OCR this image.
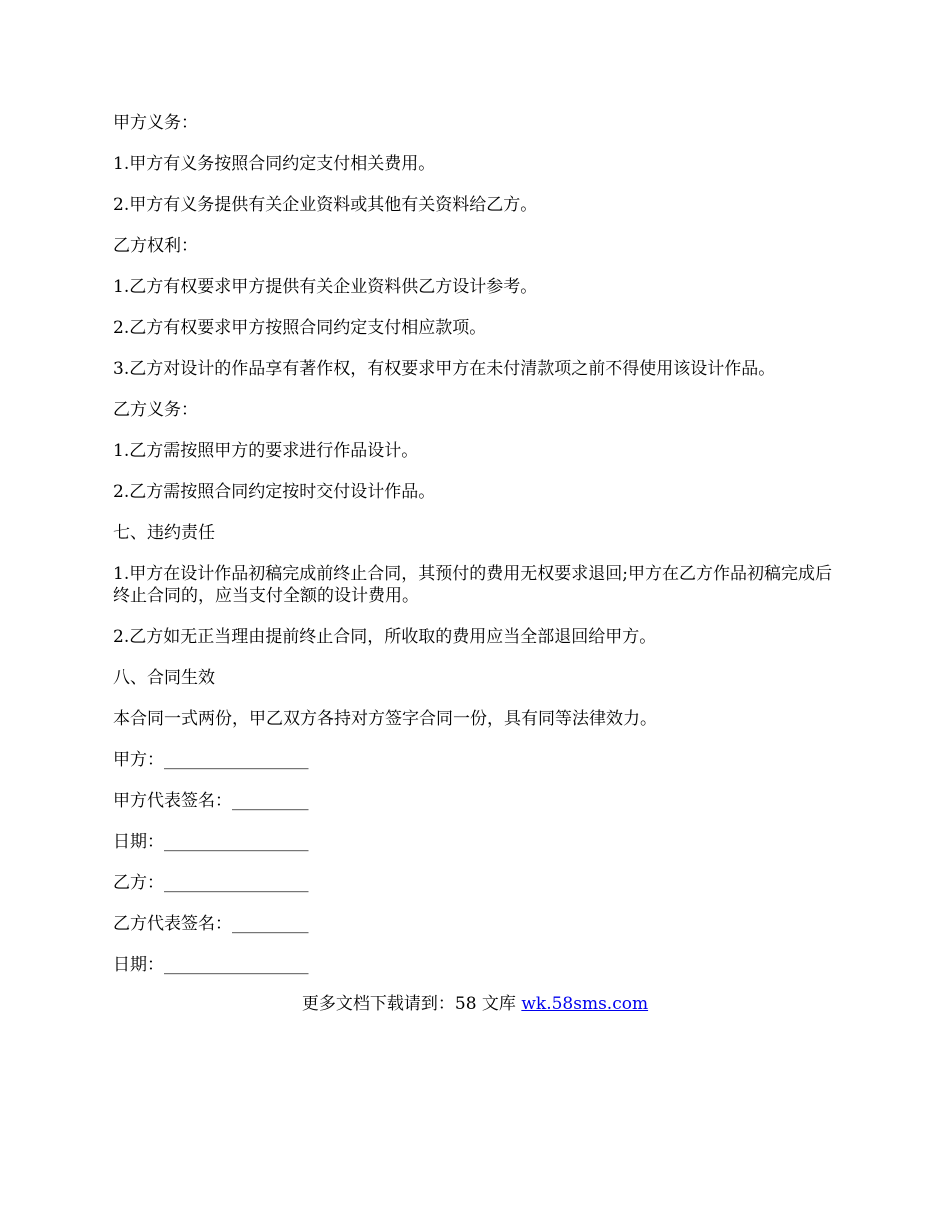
甲方义务：

1.甲方有义务按照合同约定支付相关费用。

2.甲方有义务提供有关企业资料或其他有关资料给乙方。

乙方权利：

1.乙方有权要求甲方提供有关企业资料供乙方设计参考。

2.乙方有权要求甲方按照合同约定支付相应款项。

3.乙方对设计的作品享有著作权，有权要求甲方在未付清款项之前不得使用该设计作品。

乙方义务：

1.乙方需按照甲方的要求进行作品设计。

2.乙方需按照合同约定按时交付设计作品。

七、违约责任

1.甲方在设计作品初稿完成前终止合同，其预付的费用无权要求退回;甲方在乙方作品初稿完成后终止合同的，应当支付全额的设计费用。

2.乙方如无正当理由提前终止合同，所收取的费用应当全部退回给甲方。

八、合同生效

本合同一式两份，甲乙双方各持对方签字合同一份，具有同等法律效力。

甲方：_________________
甲方代表签名：_________
日期：_________________
乙方：_________________
乙方代表签名：_________
日期：_________________
更多文档下载请到：58 文库 wk.58sms.com
